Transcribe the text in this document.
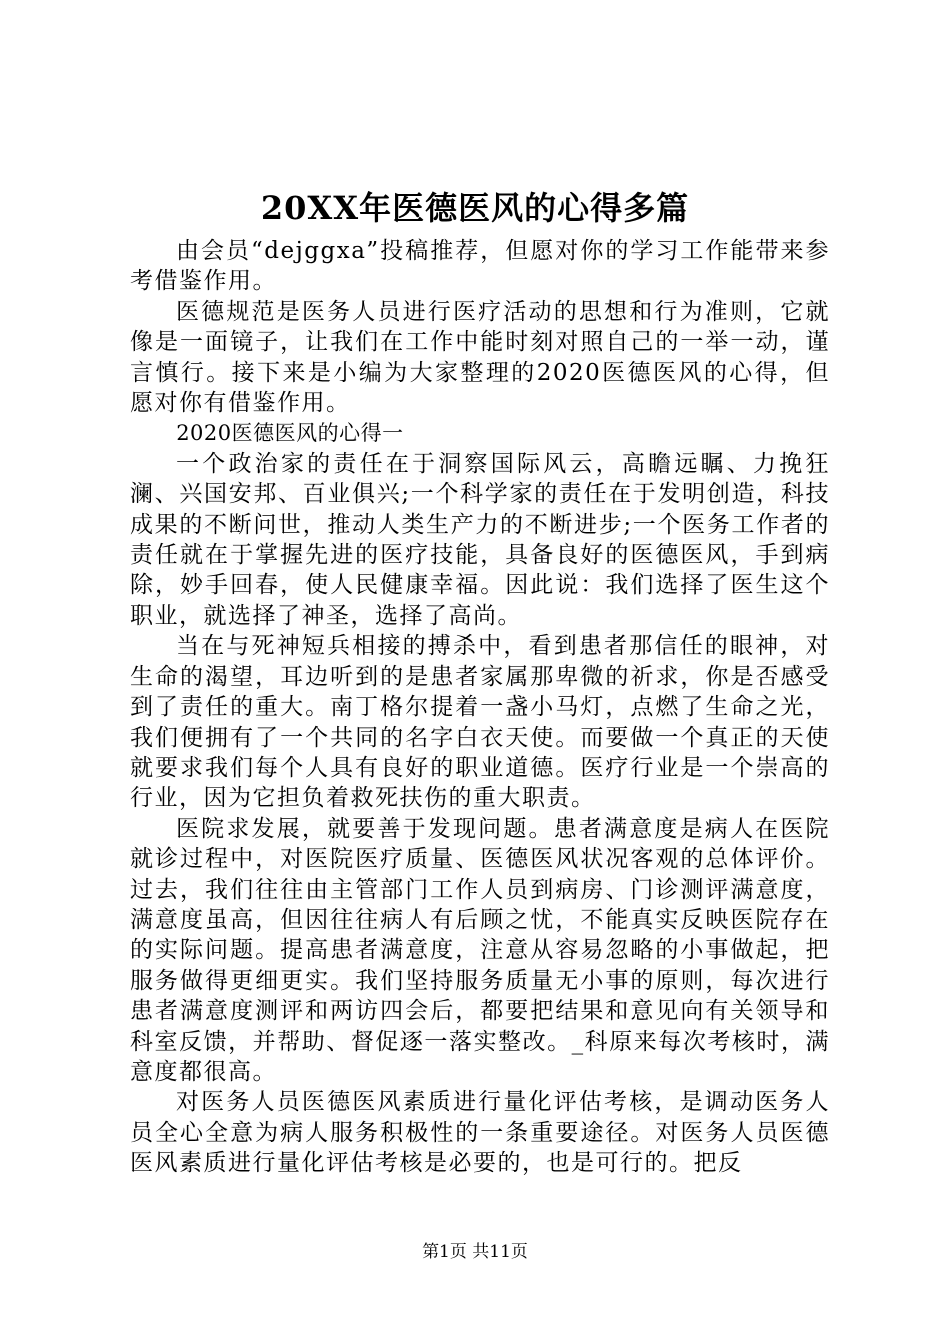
20XX年医德医风的心得多篇

由会员“dejggxa”投稿推荐，但愿对你的学习工作能带来参考借鉴作用。

医德规范是医务人员进行医疗活动的思想和行为准则，它就像是一面镜子，让我们在工作中能时刻对照自己的一举一动，谨言慎行。接下来是小编为大家整理的2020医德医风的心得，但愿对你有借鉴作用。

2020医德医风的心得一

一个政治家的责任在于洞察国际风云，高瞻远瞩、力挽狂澜、兴国安邦、百业俱兴;一个科学家的责任在于发明创造，科技成果的不断问世，推动人类生产力的不断进步;一个医务工作者的责任就在于掌握先进的医疗技能，具备良好的医德医风，手到病除，妙手回春，使人民健康幸福。因此说：我们选择了医生这个职业，就选择了神圣，选择了高尚。

当在与死神短兵相接的搏杀中，看到患者那信任的眼神，对生命的渴望，耳边听到的是患者家属那卑微的祈求，你是否感受到了责任的重大。南丁格尔提着一盏小马灯，点燃了生命之光，我们便拥有了一个共同的名字白衣天使。而要做一个真正的天使就要求我们每个人具有良好的职业道德。医疗行业是一个崇高的行业，因为它担负着救死扶伤的重大职责。

医院求发展，就要善于发现问题。患者满意度是病人在医院就诊过程中，对医院医疗质量、医德医风状况客观的总体评价。过去，我们往往由主管部门工作人员到病房、门诊测评满意度，满意度虽高，但因往往病人有后顾之忧，不能真实反映医院存在的实际问题。提高患者满意度，注意从容易忽略的小事做起，把服务做得更细更实。我们坚持服务质量无小事的原则，每次进行患者满意度测评和两访四会后，都要把结果和意见向有关领导和科室反馈，并帮助、督促逐一落实整改。_科原来每次考核时，满意度都很高。

对医务人员医德医风素质进行量化评估考核，是调动医务人员全心全意为病人服务积极性的一条重要途径。对医务人员医德医风素质进行量化评估考核是必要的，也是可行的。把反

第1页 共11页
